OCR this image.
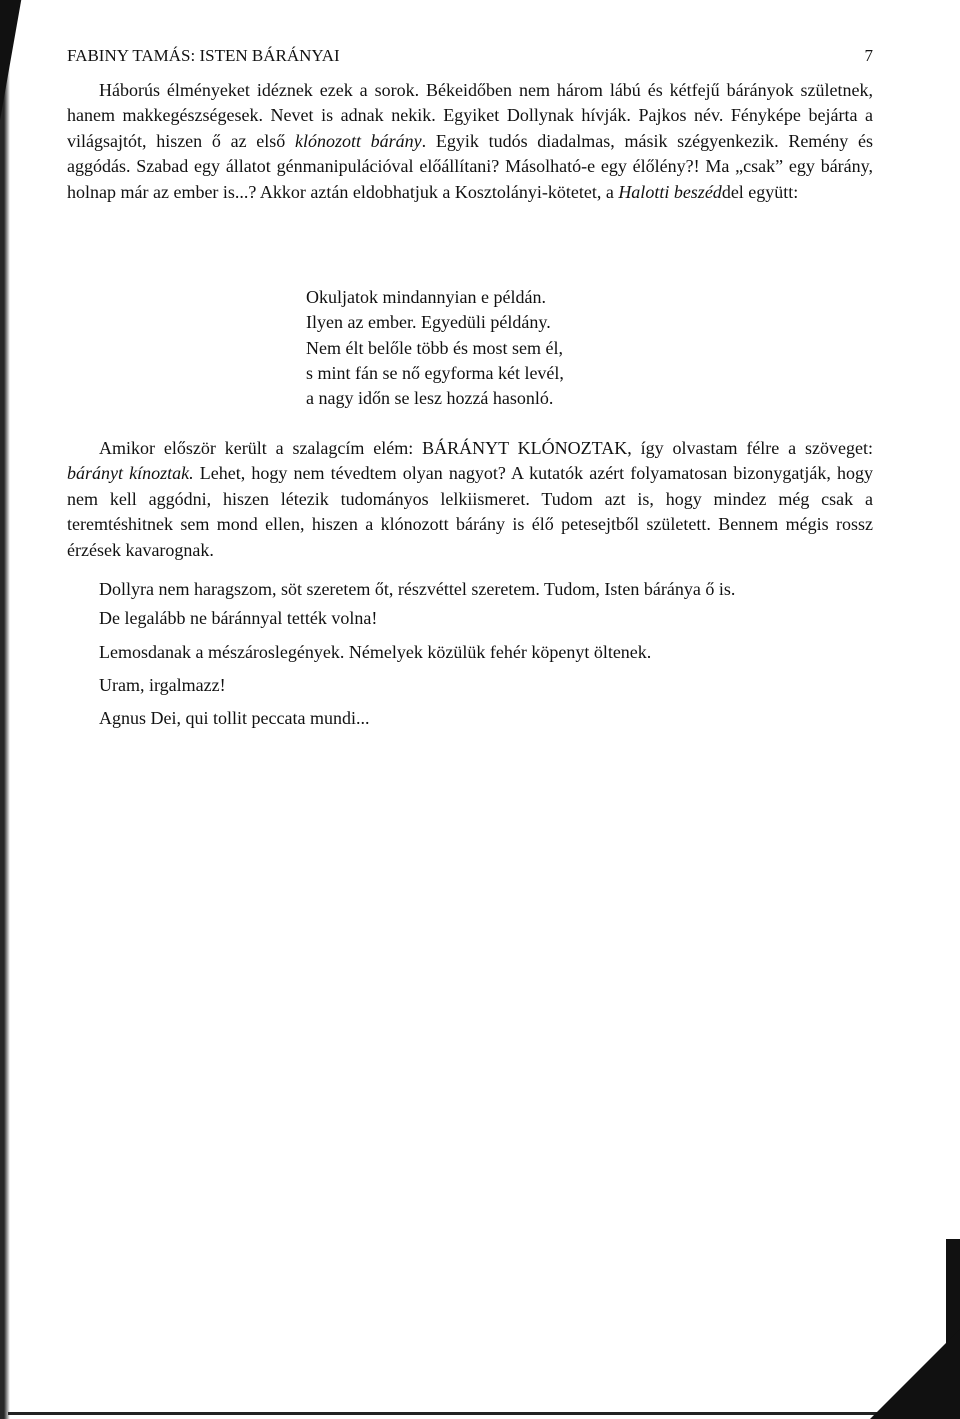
FABINY TAMÁS: ISTEN BÁRÁNYAI	7
Háborús élményeket idéznek ezek a sorok. Békeidőben nem három lábú és kétfejű bárányok születnek, hanem makkegészségesek. Nevet is adnak nekik. Egyiket Dollynak hívják. Pajkos név. Fényképe bejárta a világsajtót, hiszen ő az első klónozott bárány. Egyik tudós diadalmas, másik szégyenkezik. Remény és aggódás. Szabad egy állatot génmanipulációval előállítani? Másolható-e egy élőlény?! Ma „csak” egy bárány, holnap már az ember is...? Akkor aztán eldobhatjuk a Kosztolányi-kötetet, a Halotti beszéddel együtt:
Okuljatok mindannyian e példán.
Ilyen az ember. Egyedüli példány.
Nem élt belőle több és most sem él,
s mint fán se nő egyforma két levél,
a nagy időn se lesz hozzá hasonló.
Amikor először került a szalagcím elém: BÁRÁNYT KLÓNOZTAK, így olvastam félre a szöveget: bárányt kínoztak. Lehet, hogy nem tévedtem olyan nagyot? A kutatók azért folyamatosan bizonygatják, hogy nem kell aggódni, hiszen létezik tudományos lelkiismeret. Tudom azt is, hogy mindez még csak a teremtéshitnek sem mond ellen, hiszen a klónozott bárány is élő petesejtből született. Bennem mégis rossz érzések kavarognak.
Dollyra nem haragszom, söt szeretem őt, részvéttel szeretem. Tudom, Isten báránya ő is.
De legalább ne báránnyal tették volna!
Lemosdanak a mészároslegények. Némelyek közülük fehér köpenyt öltenek.
Uram, irgalmazz!
Agnus Dei, qui tollit peccata mundi...
